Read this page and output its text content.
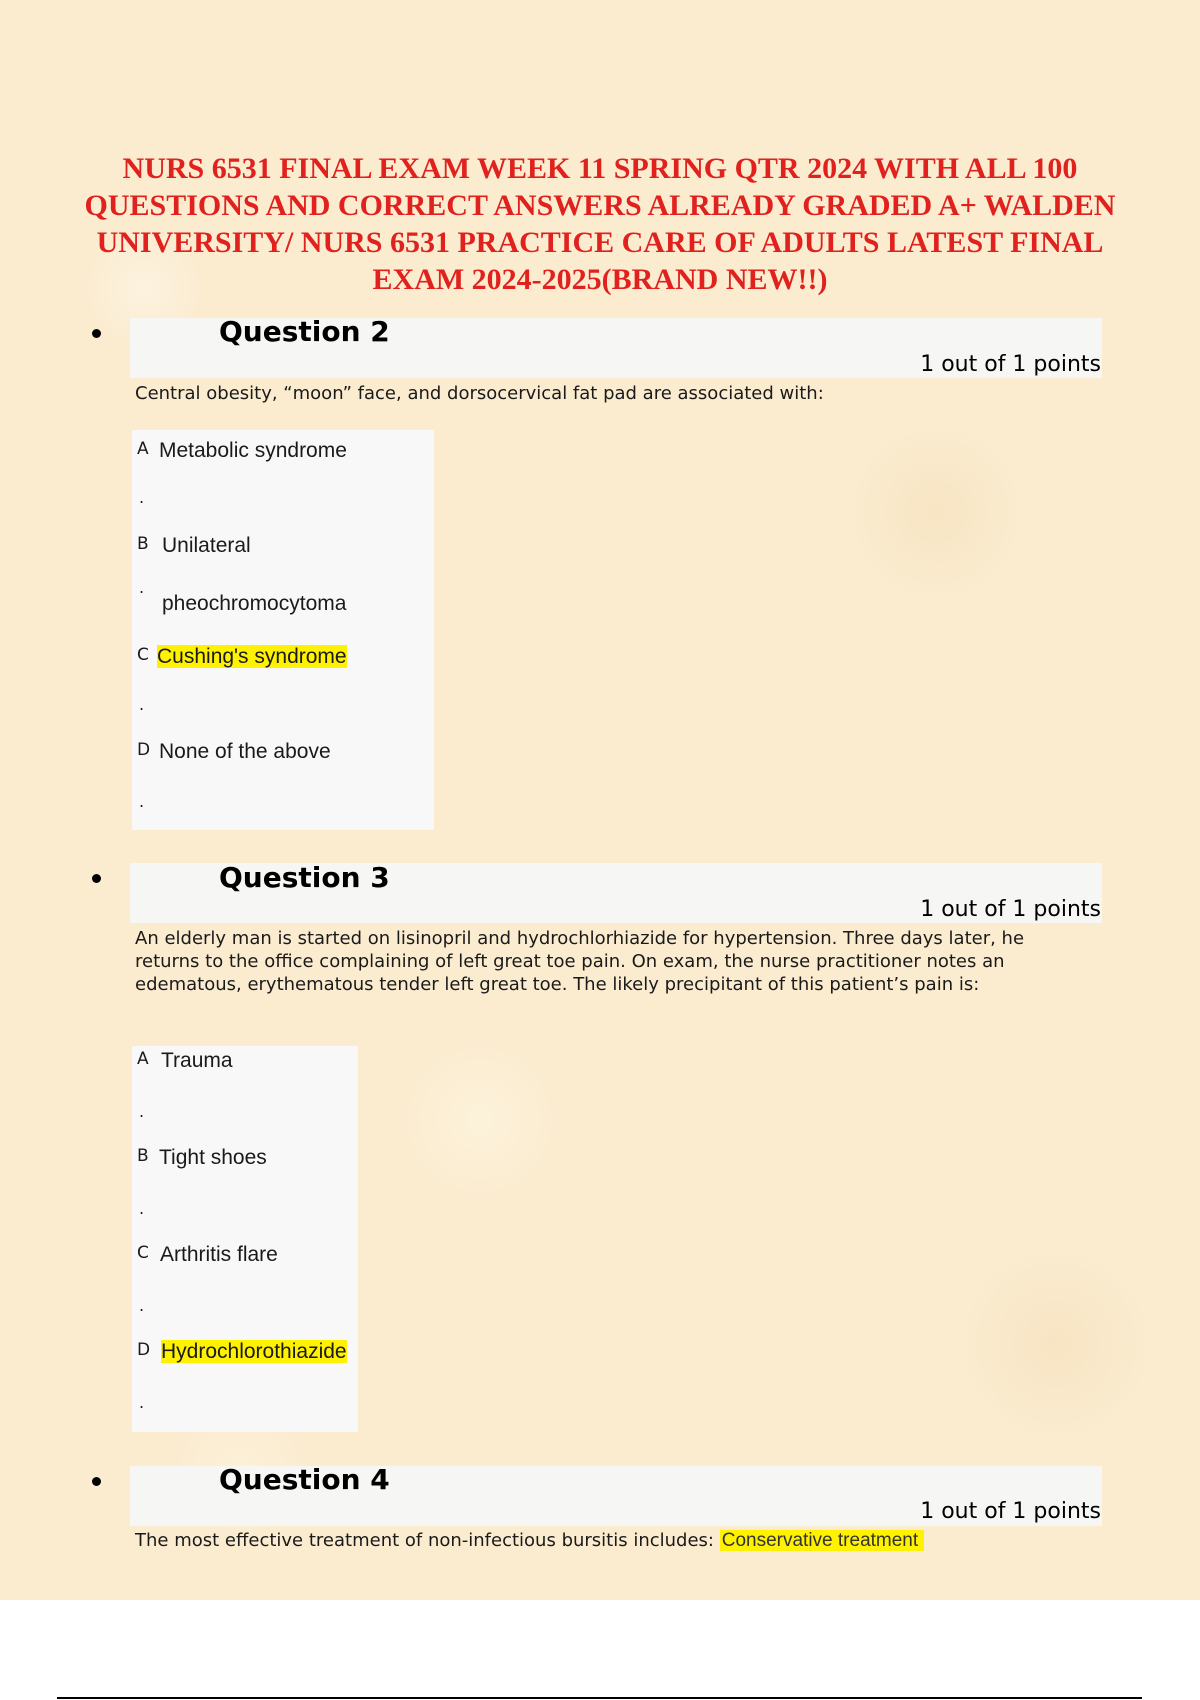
NURS 6531 FINAL EXAM WEEK 11 SPRING QTR 2024 WITH ALL 100 QUESTIONS AND CORRECT ANSWERS ALREADY GRADED A+ WALDEN UNIVERSITY/ NURS 6531 PRACTICE CARE OF ADULTS LATEST FINAL EXAM 2024-2025(BRAND NEW!!)
Question 2
1 out of 1 points

Central obesity, “moon” face, and dorsocervical fat pad are associated with:

A Metabolic syndrome
.
B Unilateral
.
pheochromocytoma
C Cushing's syndrome
.
D None of the above
.
Question 3
1 out of 1 points

An elderly man is started on lisinopril and hydrochlorhiazide for hypertension. Three days later, he returns to the office complaining of left great toe pain. On exam, the nurse practitioner notes an edematous, erythematous tender left great toe. The likely precipitant of this patient’s pain is:

A Trauma
.
B Tight shoes
.
C Arthritis flare
.
D Hydrochlorothiazide
.
Question 4
1 out of 1 points

The most effective treatment of non-infectious bursitis includes: Conservative treatment
